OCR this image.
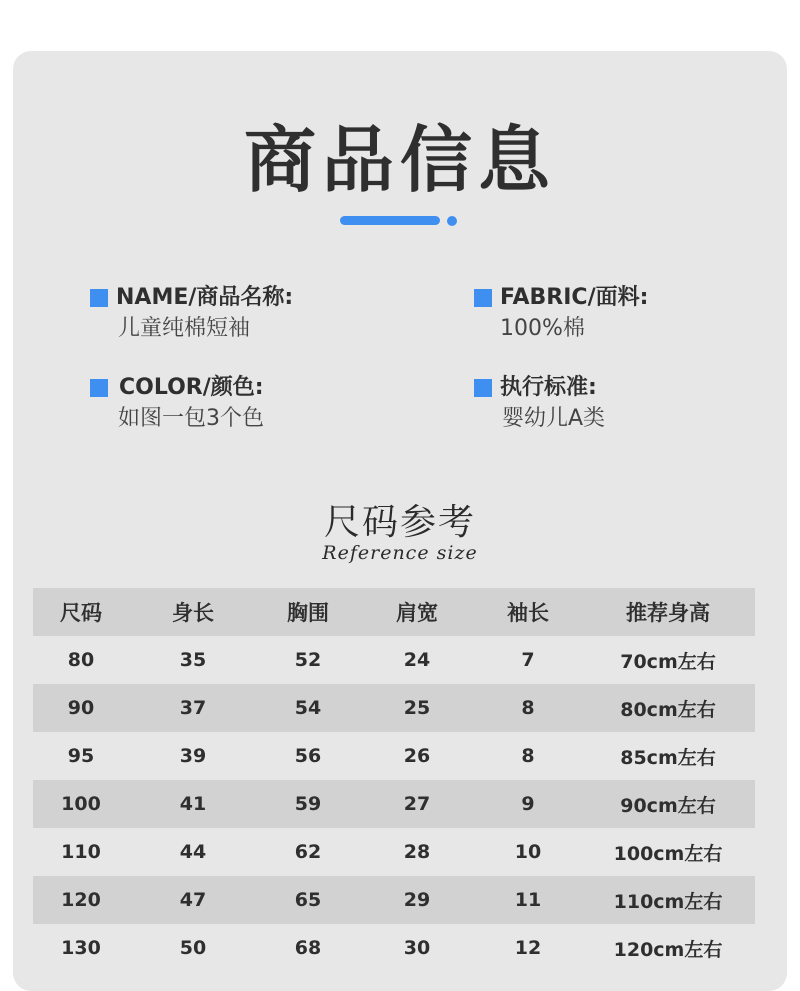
商品信息
NAME/商品名称:
儿童纯棉短袖
FABRIC/面料:
100%棉
COLOR/颜色:
如图一包3个色
执行标准:
婴幼儿A类
尺码参考
Reference size
尺码	身长	胸围	肩宽	袖长	推荐身高
80	35	52	24	7	70cm左右
90	37	54	25	8	80cm左右
95	39	56	26	8	85cm左右
100	41	59	27	9	90cm左右
110	44	62	28	10	100cm左右
120	47	65	29	11	110cm左右
130	50	68	30	12	120cm左右
